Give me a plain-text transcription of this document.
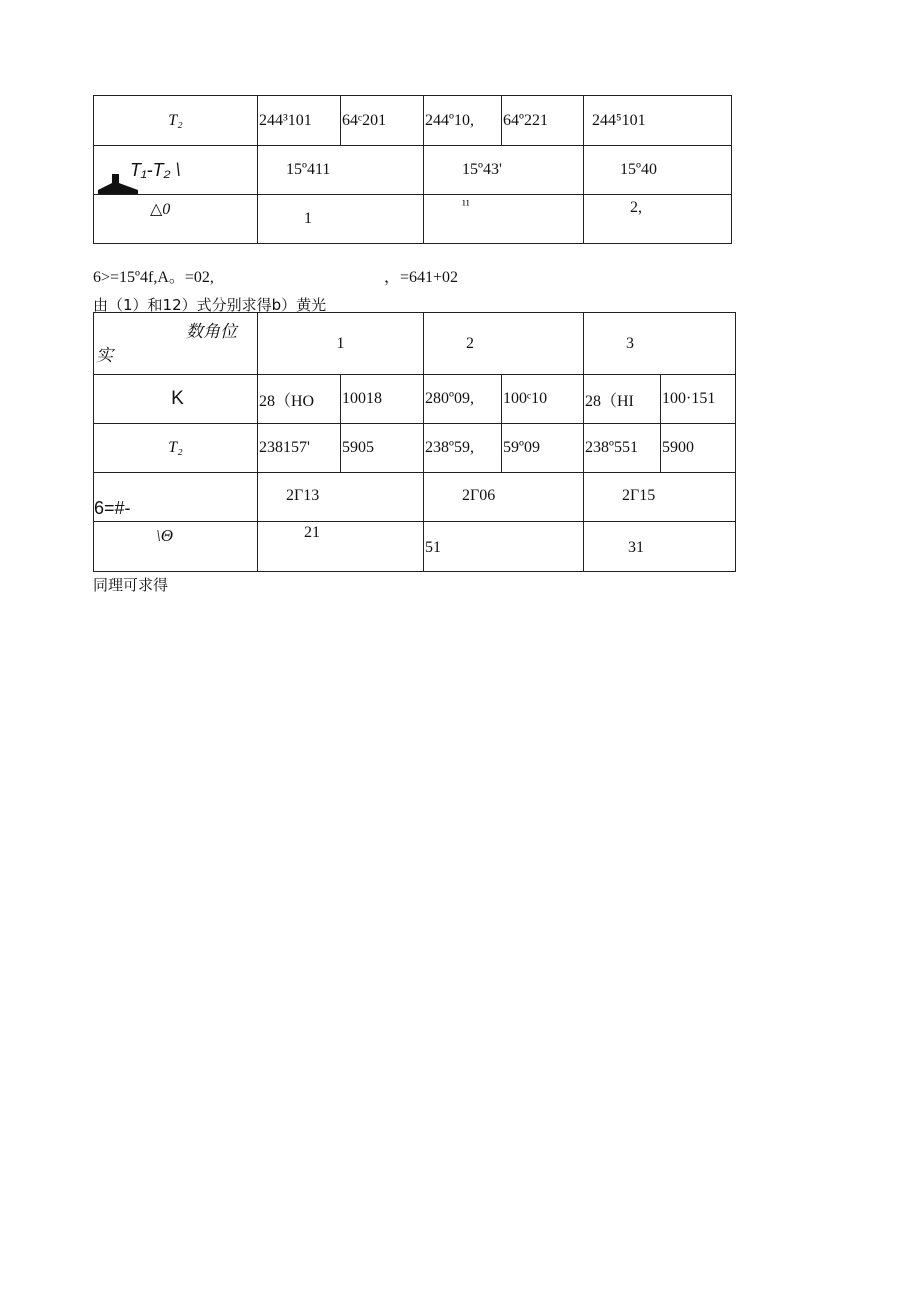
T₂	244³101	64ᶜ201	244º10,	64º221	244⁵101
T₁-T₂ \	15º411		15º43'		15º40
△0	1		¹¹		2,
6>=15º4f,A。=02,	，=641+02
由（1）和12）式分别求得b）黄光
数角位
实	1		2		3	
K	28（HO	10018	280º09,	100ᶜ10	28（HI	100·151
T₂	238157'	5905	238º59,	59º09	238º551	5900
6=#-	2Γ13		2Γ06		2Γ15	
\Θ	21		51		31	
同理可求得
